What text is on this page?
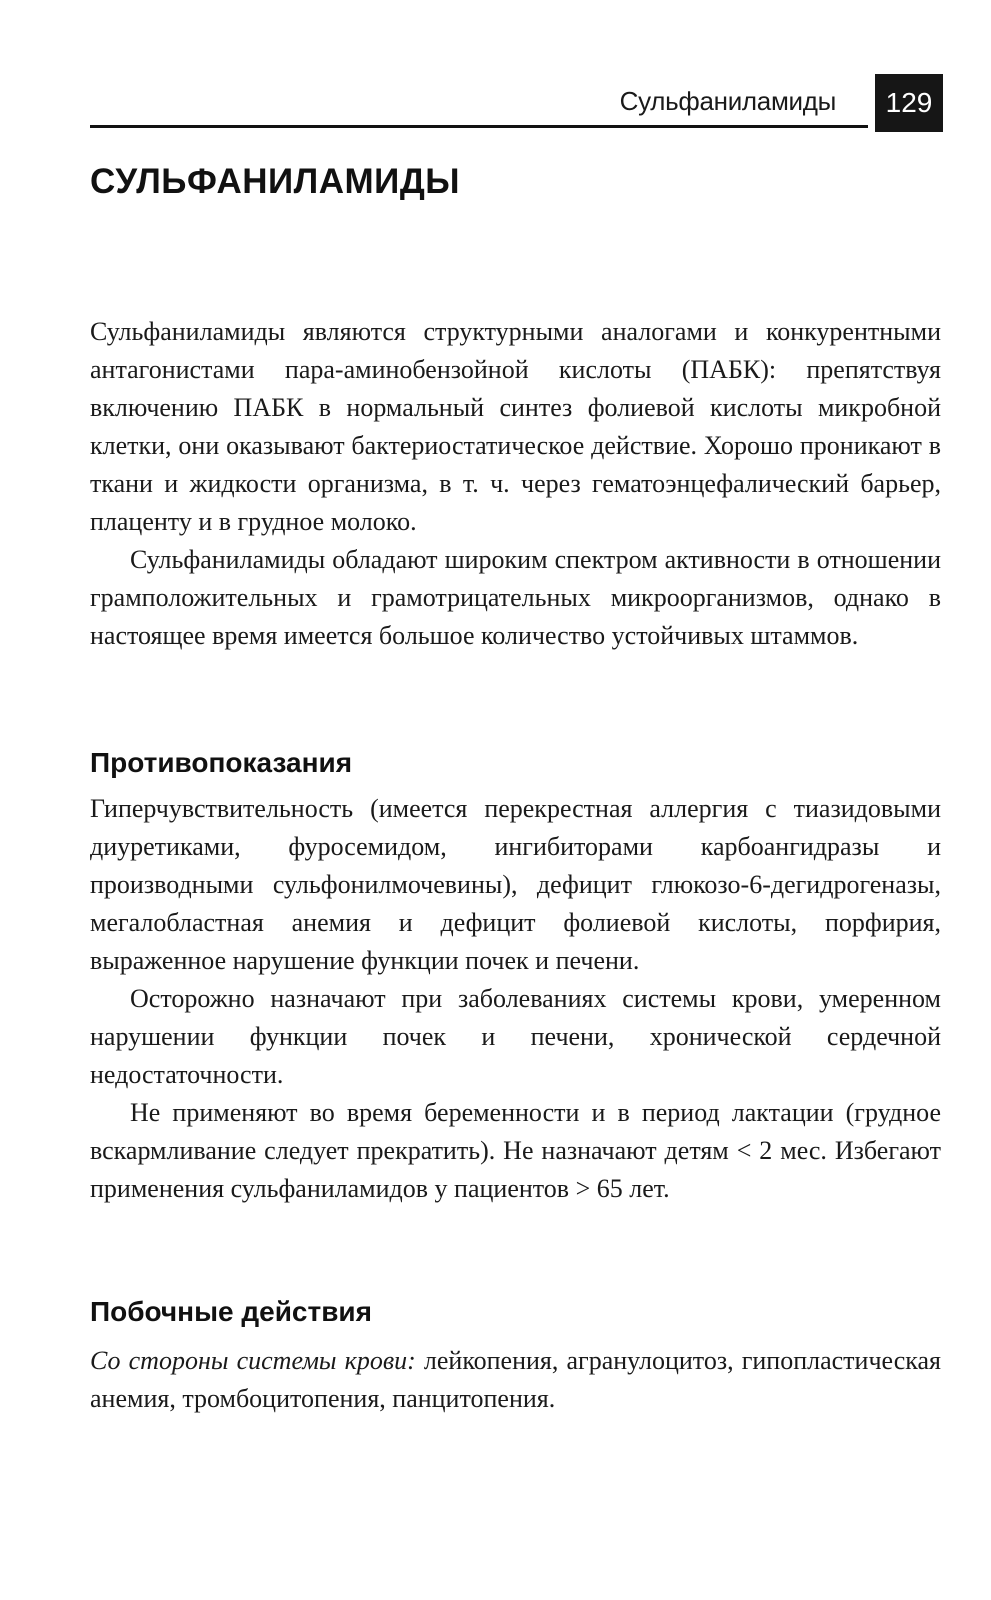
Сульфаниламиды	129
СУЛЬФАНИЛАМИДЫ

Сульфаниламиды являются структурными аналогами и конкурентными антагонистами пара-аминобензойной кислоты (ПАБК): препятствуя включению ПАБК в нормальный синтез фолиевой кислоты микробной клетки, они оказывают бактериостатическое действие. Хорошо проникают в ткани и жидкости организма, в т. ч. через гематоэнцефалический барьер, плаценту и в грудное молоко.

Сульфаниламиды обладают широким спектром активности в отношении грамположительных и грамотрицательных микроорганизмов, однако в настоящее время имеется большое количество устойчивых штаммов.

Противопоказания

Гиперчувствительность (имеется перекрестная аллергия с тиазидовыми диуретиками, фуросемидом, ингибиторами карбоангидразы и производными сульфонилмочевины), дефицит глюкозо-6-дегидрогеназы, мегалобластная анемия и дефицит фолиевой кислоты, порфирия, выраженное нарушение функции почек и печени.

Осторожно назначают при заболеваниях системы крови, умеренном нарушении функции почек и печени, хронической сердечной недостаточности.

Не применяют во время беременности и в период лактации (грудное вскармливание следует прекратить). Не назначают детям < 2 мес. Избегают применения сульфаниламидов у пациентов > 65 лет.

Побочные действия

Со стороны системы крови: лейкопения, агранулоцитоз, гипопластическая анемия, тромбоцитопения, панцитопения.
